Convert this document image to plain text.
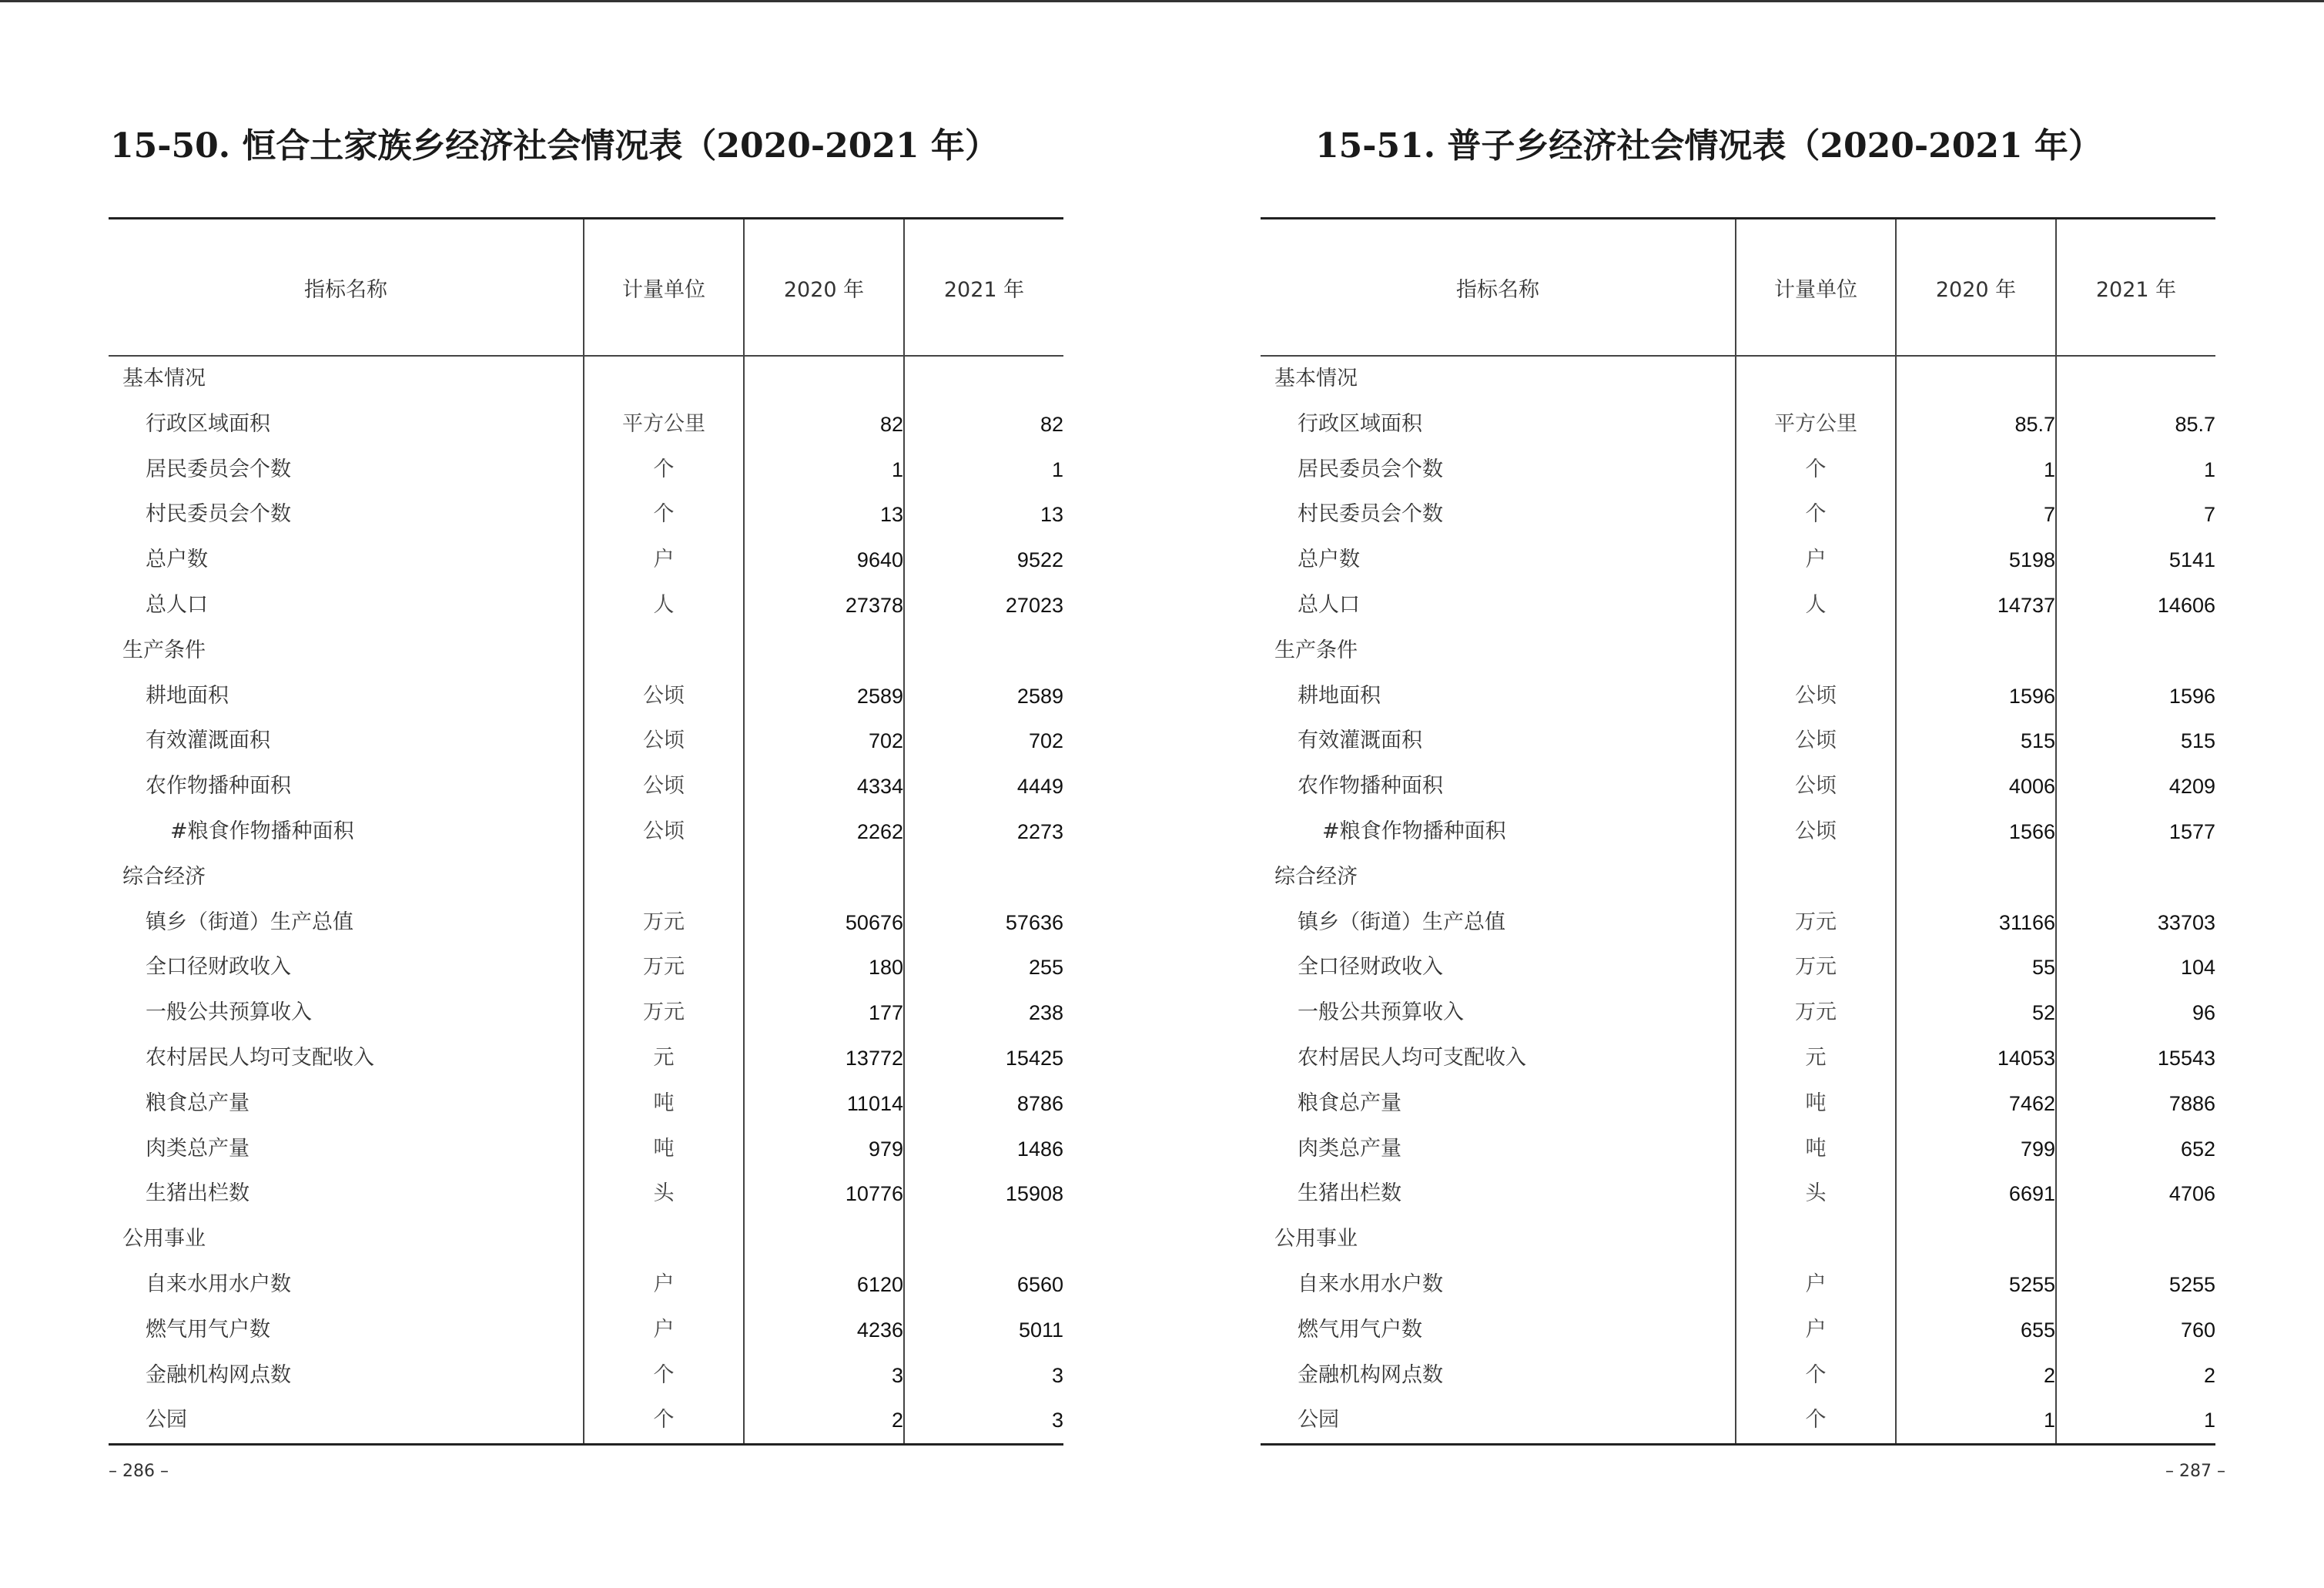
15-50. 恒合土家族乡经济社会情况表（2020-2021 年）
指标名称	计量单位	2020 年	2021 年
基本情况			
行政区域面积	平方公里	82	82
居民委员会个数	个	1	1
村民委员会个数	个	13	13
总户数	户	9640	9522
总人口	人	27378	27023
生产条件			
耕地面积	公顷	2589	2589
有效灌溉面积	公顷	702	702
农作物播种面积	公顷	4334	4449
#粮食作物播种面积	公顷	2262	2273
综合经济			
镇乡（街道）生产总值	万元	50676	57636
全口径财政收入	万元	180	255
一般公共预算收入	万元	177	238
农村居民人均可支配收入	元	13772	15425
粮食总产量	吨	11014	8786
肉类总产量	吨	979	1486
生猪出栏数	头	10776	15908
公用事业			
自来水用水户数	户	6120	6560
燃气用气户数	户	4236	5011
金融机构网点数	个	3	3
公园	个	2	3
– 286 –
15-51. 普子乡经济社会情况表（2020-2021 年）
指标名称	计量单位	2020 年	2021 年
基本情况			
行政区域面积	平方公里	85.7	85.7
居民委员会个数	个	1	1
村民委员会个数	个	7	7
总户数	户	5198	5141
总人口	人	14737	14606
生产条件			
耕地面积	公顷	1596	1596
有效灌溉面积	公顷	515	515
农作物播种面积	公顷	4006	4209
#粮食作物播种面积	公顷	1566	1577
综合经济			
镇乡（街道）生产总值	万元	31166	33703
全口径财政收入	万元	55	104
一般公共预算收入	万元	52	96
农村居民人均可支配收入	元	14053	15543
粮食总产量	吨	7462	7886
肉类总产量	吨	799	652
生猪出栏数	头	6691	4706
公用事业			
自来水用水户数	户	5255	5255
燃气用气户数	户	655	760
金融机构网点数	个	2	2
公园	个	1	1
– 287 –
